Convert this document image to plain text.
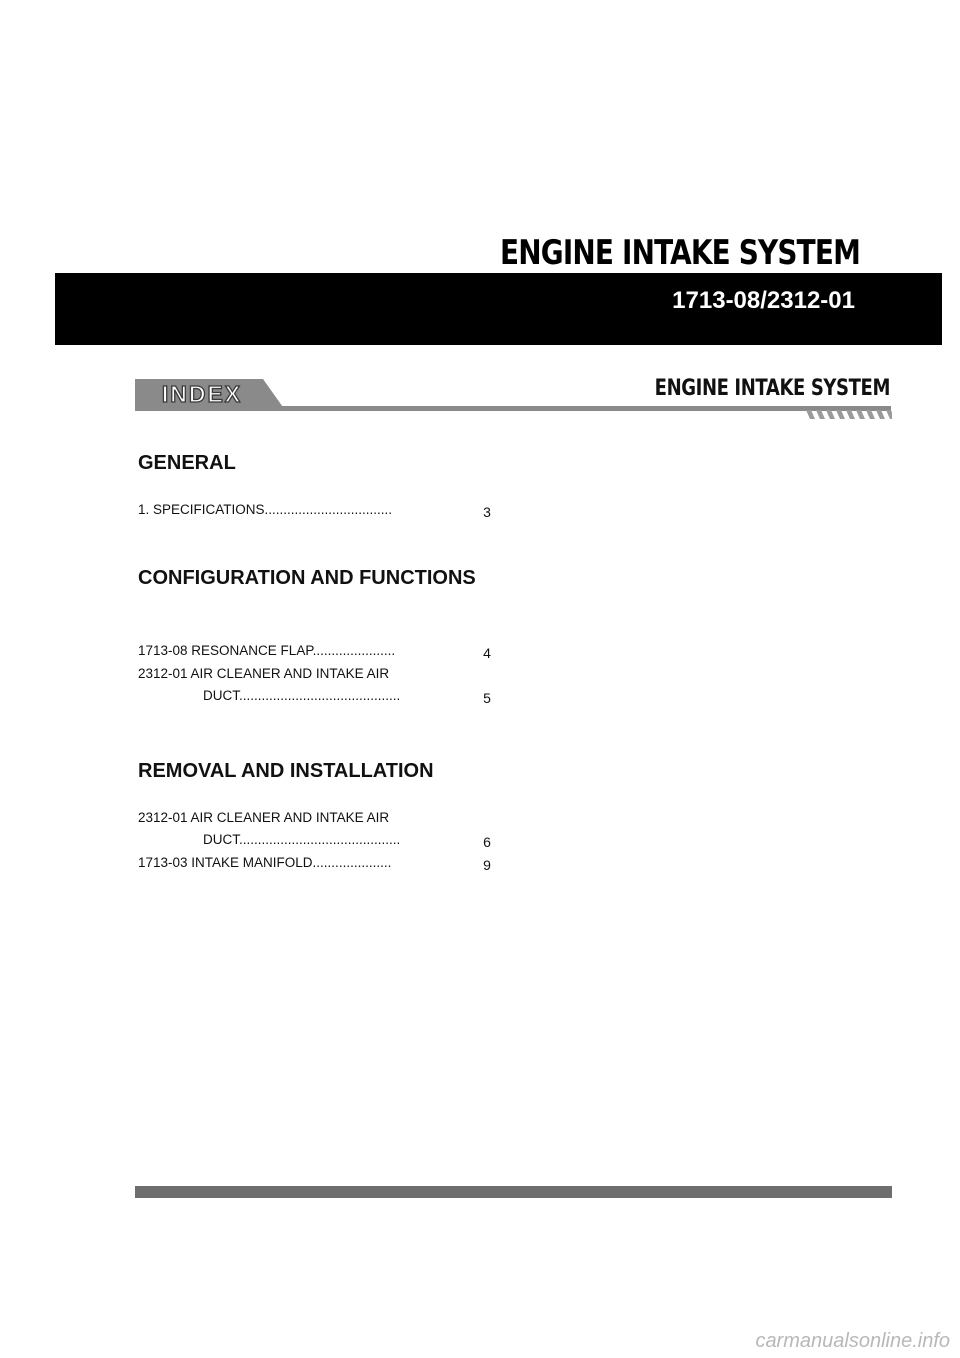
ENGINE INTAKE SYSTEM
1713-08/2312-01
INDEX	ENGINE INTAKE SYSTEM
GENERAL
1. SPECIFICATIONS..................................	3
CONFIGURATION AND FUNCTIONS
1713-08 RESONANCE FLAP......................	4
2312-01 AIR CLEANER AND INTAKE AIR
DUCT...........................................	5
REMOVAL AND INSTALLATION
2312-01 AIR CLEANER AND INTAKE AIR
DUCT...........................................	6
1713-03 INTAKE MANIFOLD.....................	9
carmanualsonline.info
